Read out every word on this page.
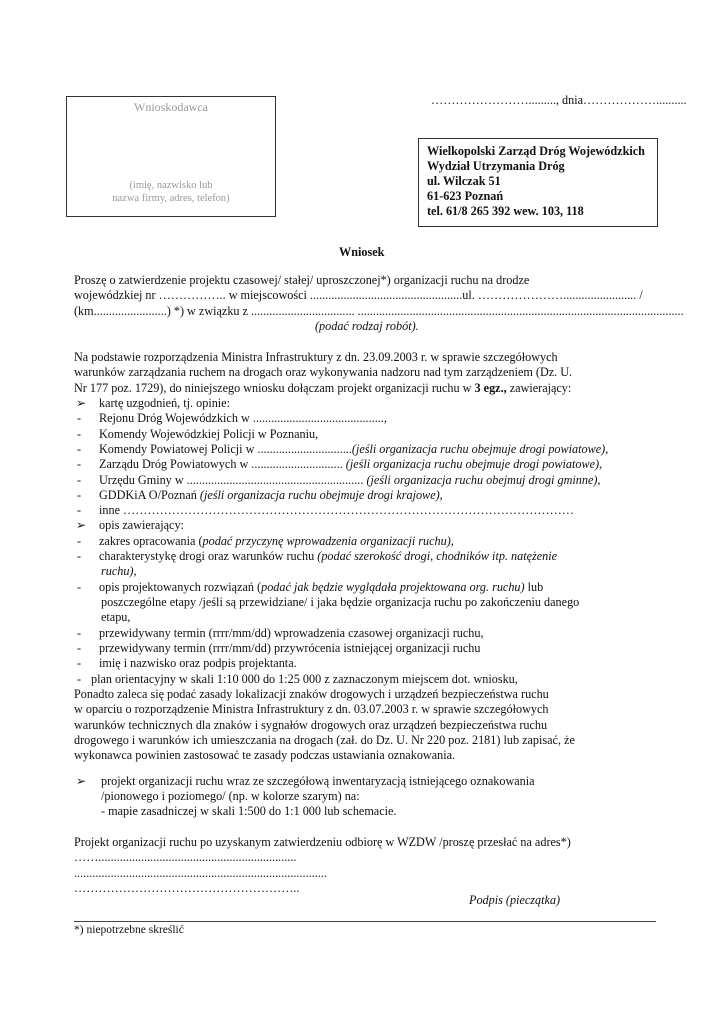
……………………........., dnia………………..........
Wnioskodawca
(imię, nazwisko lub
nazwa firmy, adres, telefon)
Wielkopolski Zarząd Dróg Wojewódzkich
Wydział Utrzymania Dróg
ul. Wilczak 51
61-623 Poznań
tel. 61/8 265 392 wew. 103, 118
Wniosek
Proszę o zatwierdzenie projektu czasowej/ stałej/ uproszczonej*) organizacji ruchu na drodze
wojewódzkiej nr …………….. w miejscowości ..................................................ul. …………………........................ /
(km........................) *) w związku z .................................. ...........................................................................................................
(podać rodzaj robót).
Na podstawie rozporządzenia Ministra Infrastruktury z dn. 23.09.2003 r. w sprawie szczegółowych
warunków zarządzania ruchem na drogach oraz wykonywania nadzoru nad tym zarządzeniem (Dz. U.
Nr 177 poz. 1729), do niniejszego wniosku dołączam projekt organizacji ruchu w 3 egz., zawierający:
➢ kartę uzgodnień, tj. opinie:
- Rejonu Dróg Wojewódzkich w ...........................................,
- Komendy Wojewódzkiej Policji w Poznaniu,
- Komendy Powiatowej Policji w ...............................(jeśli organizacja ruchu obejmuje drogi powiatowe),
- Zarządu Dróg Powiatowych w .............................. (jeśli organizacja ruchu obejmuje drogi powiatowe),
- Urzędu Gminy w .......................................................... (jeśli organizacja ruchu obejmuj drogi gminne),
- GDDKiA O/Poznań (jeśli organizacja ruchu obejmuje drogi krajowe),
- inne …………………………………………………………………………………………………
➢ opis zawierający:
- zakres opracowania (podać przyczynę wprowadzenia organizacji ruchu),
- charakterystykę drogi oraz warunków ruchu (podać szerokość drogi, chodników itp. natężenie
ruchu),
- opis projektowanych rozwiązań (podać jak będzie wyglądała projektowana org. ruchu) lub
poszczególne etapy /jeśli są przewidziane/ i jaka będzie organizacja ruchu po zakończeniu danego
etapu,
- przewidywany termin (rrrr/mm/dd) wprowadzenia czasowej organizacji ruchu,
- przewidywany termin (rrrr/mm/dd) przywrócenia istniejącej organizacji ruchu
- imię i nazwisko oraz podpis projektanta.
- plan orientacyjny w skali 1:10 000 do 1:25 000 z zaznaczonym miejscem dot. wniosku,
Ponadto zaleca się podać zasady lokalizacji znaków drogowych i urządzeń bezpieczeństwa ruchu
w oparciu o rozporządzenie Ministra Infrastruktury z dn. 03.07.2003 r. w sprawie szczegółowych
warunków technicznych dla znaków i sygnałów drogowych oraz urządzeń bezpieczeństwa ruchu
drogowego i warunków ich umieszczania na drogach (zał. do Dz. U. Nr 220 poz. 2181) lub zapisać, że
wykonawca powinien zastosować te zasady podczas ustawiania oznakowania.
➢ projekt organizacji ruchu wraz ze szczegółową inwentaryzacją istniejącego oznakowania
/pionowego i poziomego/ (np. w kolorze szarym) na:
- mapie zasadniczej w skali 1:500 do 1:1 000 lub schemacie.
Projekt organizacji ruchu po uzyskanym zatwierdzeniu odbiorę w WZDW /proszę przesłać na adres*)
…….................................................................
...................................................................................
………………………………………………..
Podpis (pieczątka)
*) niepotrzebne skreślić
